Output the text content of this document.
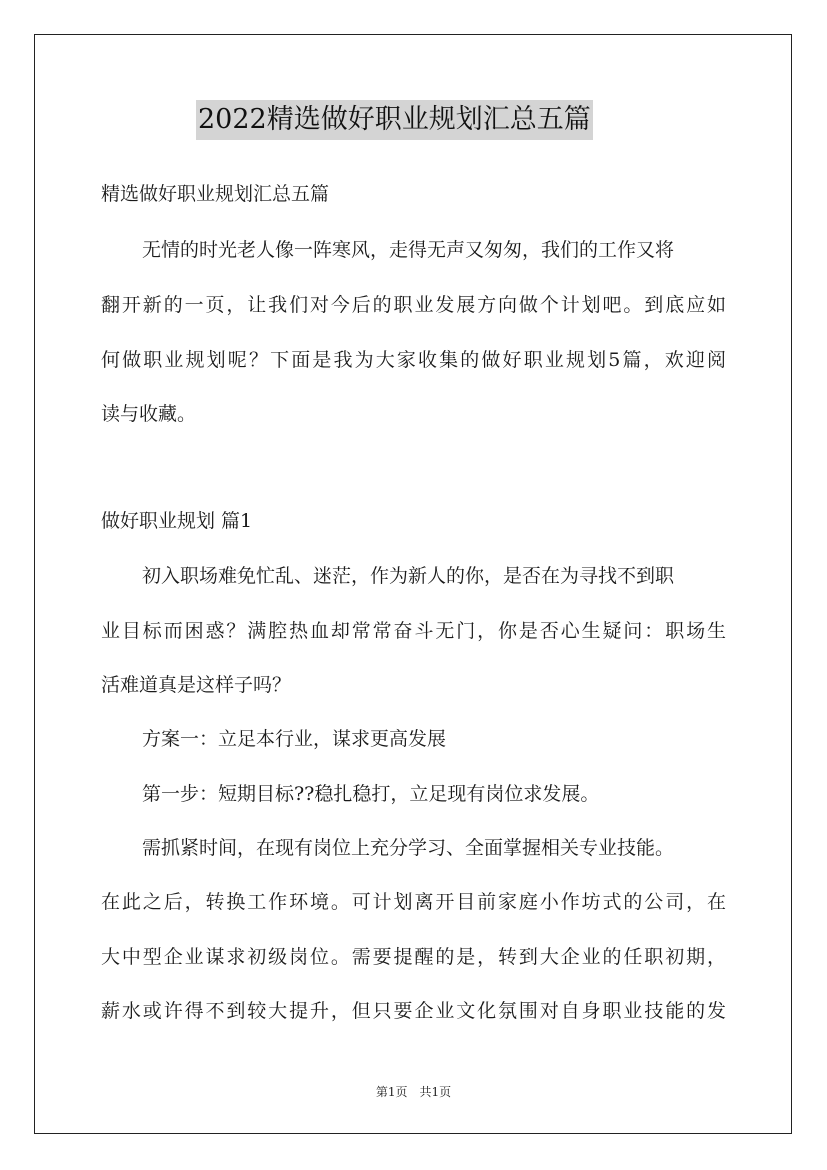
2022精选做好职业规划汇总五篇
精选做好职业规划汇总五篇
无情的时光老人像一阵寒风，走得无声又匆匆，我们的工作又将
翻开新的一页，让我们对今后的职业发展方向做个计划吧。到底应如
何做职业规划呢？下面是我为大家收集的做好职业规划5篇，欢迎阅
读与收藏。
做好职业规划 篇1
初入职场难免忙乱、迷茫，作为新人的你，是否在为寻找不到职
业目标而困惑？满腔热血却常常奋斗无门，你是否心生疑问：职场生
活难道真是这样子吗？
方案一：立足本行业，谋求更高发展
第一步：短期目标??稳扎稳打，立足现有岗位求发展。
需抓紧时间，在现有岗位上充分学习、全面掌握相关专业技能。
在此之后，转换工作环境。可计划离开目前家庭小作坊式的公司，在
大中型企业谋求初级岗位。需要提醒的是，转到大企业的任职初期，
薪水或许得不到较大提升，但只要企业文化氛围对自身职业技能的发
第1页　共1页
